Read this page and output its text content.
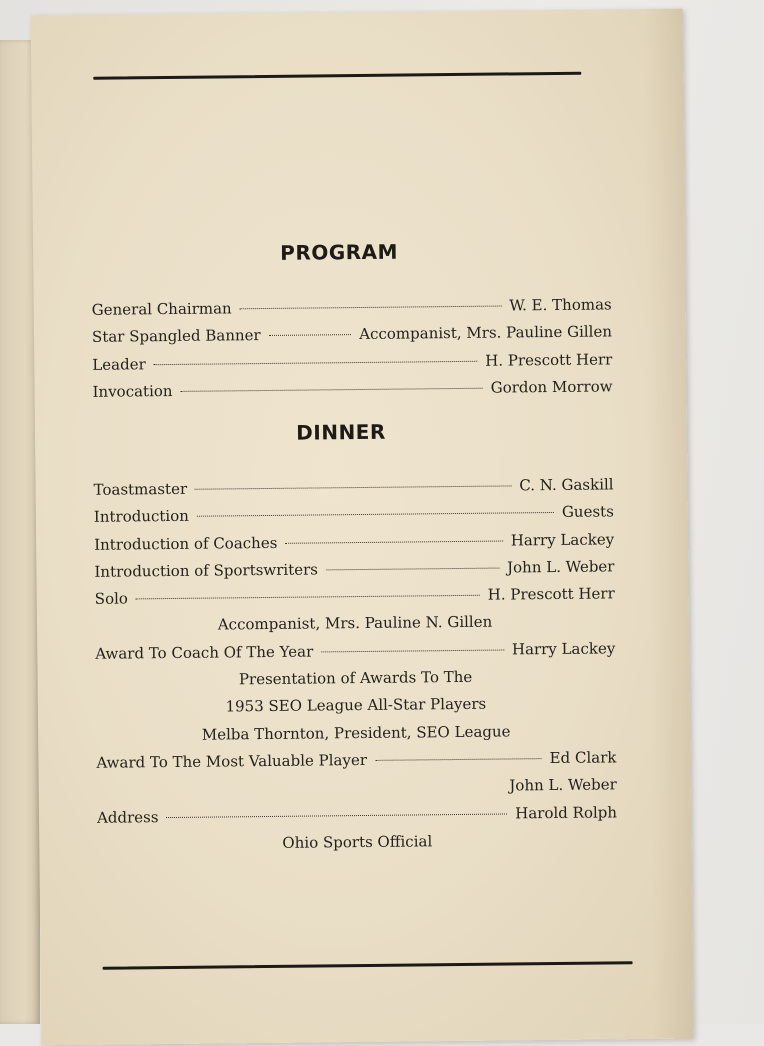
PROGRAM
General Chairman	W. E. Thomas
Star Spangled Banner	Accompanist, Mrs. Pauline Gillen
Leader	H. Prescott Herr
Invocation	Gordon Morrow
DINNER
Toastmaster	C. N. Gaskill
Introduction	Guests
Introduction of Coaches	Harry Lackey
Introduction of Sportswriters	John L. Weber
Solo	H. Prescott Herr
Accompanist, Mrs. Pauline N. Gillen
Award To Coach Of The Year	Harry Lackey
Presentation of Awards To The
1953 SEO League All-Star Players
Melba Thornton, President, SEO League
Award To The Most Valuable Player	Ed Clark
John L. Weber
Address	Harold Rolph
Ohio Sports Official
